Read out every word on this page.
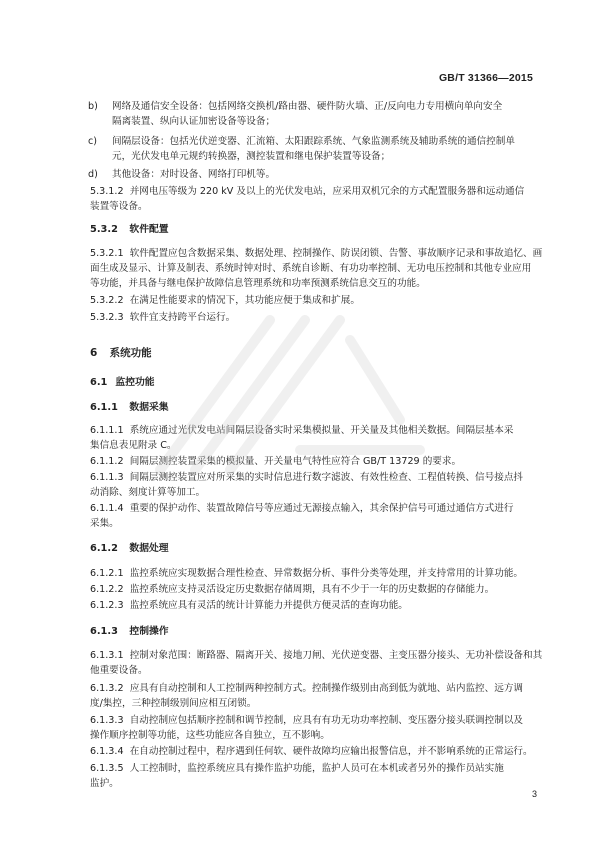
GB/T 31366—2015
b)	网络及通信安全设备：包括网络交换机/路由器、硬件防火墙、正/反向电力专用横向单向安全
隔离装置、纵向认证加密设备等设备；
c)	间隔层设备：包括光伏逆变器、汇流箱、太阳跟踪系统、气象监测系统及辅助系统的通信控制单
元，光伏发电单元规约转换器，测控装置和继电保护装置等设备；
d)	其他设备：对时设备、网络打印机等。
5.3.1.2 并网电压等级为 220 kV 及以上的光伏发电站，应采用双机冗余的方式配置服务器和远动通信
装置等设备。
5.3.2 软件配置
5.3.2.1 软件配置应包含数据采集、数据处理、控制操作、防误闭锁、告警、事故顺序记录和事故追忆、画
面生成及显示、计算及制表、系统时钟对时、系统自诊断、有功功率控制、无功电压控制和其他专业应用
等功能，并具备与继电保护故障信息管理系统和功率预测系统信息交互的功能。
5.3.2.2 在满足性能要求的情况下，其功能应便于集成和扩展。
5.3.2.3 软件宜支持跨平台运行。
6 系统功能
6.1 监控功能
6.1.1 数据采集
6.1.1.1 系统应通过光伏发电站间隔层设备实时采集模拟量、开关量及其他相关数据。间隔层基本采
集信息表见附录 C。
6.1.1.2 间隔层测控装置采集的模拟量、开关量电气特性应符合 GB/T 13729 的要求。
6.1.1.3 间隔层测控装置应对所采集的实时信息进行数字滤波、有效性检查、工程值转换、信号接点抖
动消除、刻度计算等加工。
6.1.1.4 重要的保护动作、装置故障信号等应通过无源接点输入，其余保护信号可通过通信方式进行
采集。
6.1.2 数据处理
6.1.2.1 监控系统应实现数据合理性检查、异常数据分析、事件分类等处理，并支持常用的计算功能。
6.1.2.2 监控系统应支持灵活设定历史数据存储周期，具有不少于一年的历史数据的存储能力。
6.1.2.3 监控系统应具有灵活的统计计算能力并提供方便灵活的查询功能。
6.1.3 控制操作
6.1.3.1 控制对象范围：断路器、隔离开关、接地刀闸、光伏逆变器、主变压器分接头、无功补偿设备和其
他重要设备。
6.1.3.2 应具有自动控制和人工控制两种控制方式。控制操作级别由高到低为就地、站内监控、远方调
度/集控，三种控制级别间应相互闭锁。
6.1.3.3 自动控制应包括顺序控制和调节控制，应具有有功无功功率控制、变压器分接头联调控制以及
操作顺序控制等功能，这些功能应各自独立，互不影响。
6.1.3.4 在自动控制过程中，程序遇到任何软、硬件故障均应输出报警信息，并不影响系统的正常运行。
6.1.3.5 人工控制时，监控系统应具有操作监护功能，监护人员可在本机或者另外的操作员站实施
监护。
3
